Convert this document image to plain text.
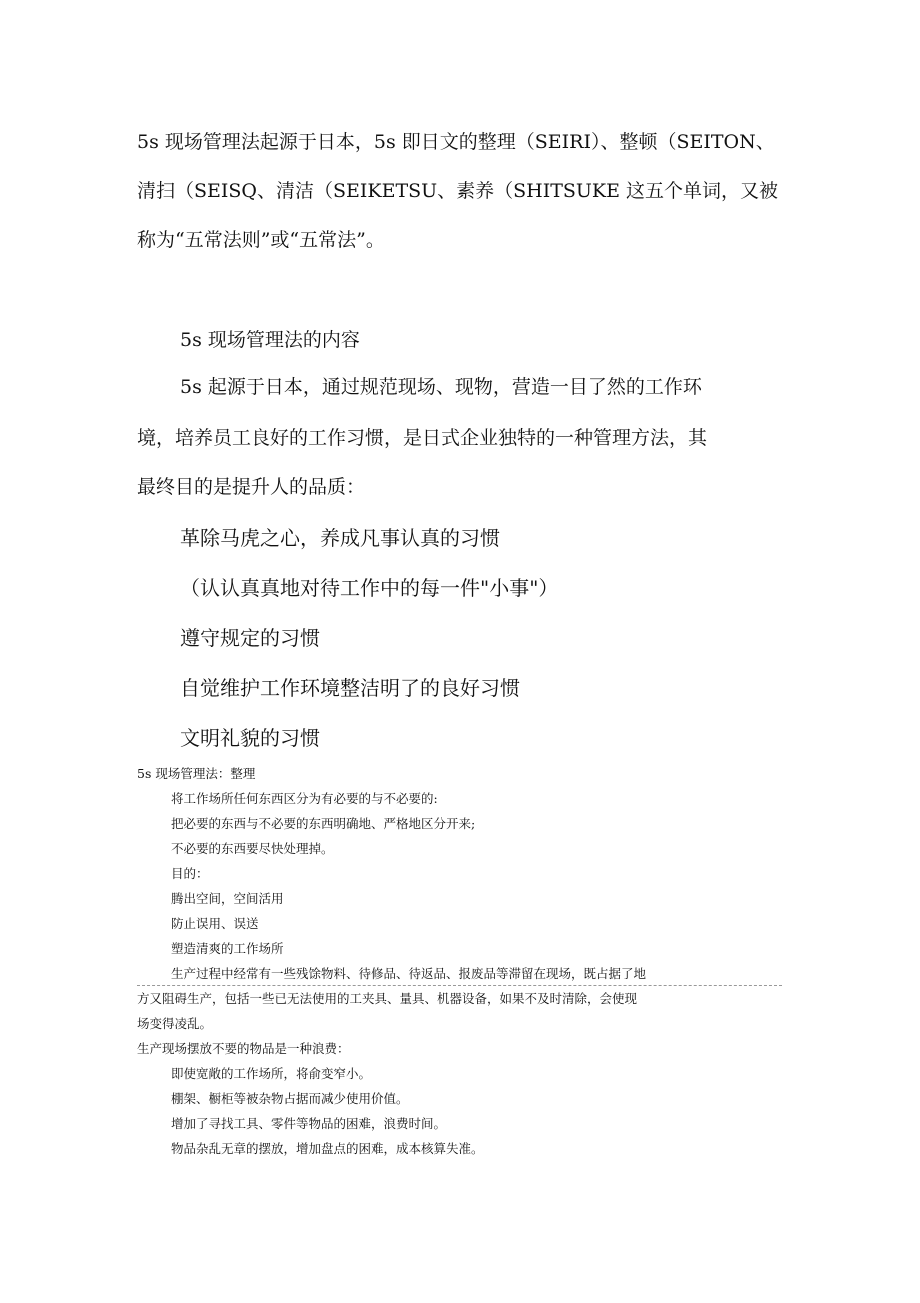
5s 现场管理法起源于日本，5s 即日文的整理（SEIRI）、整顿（SEITON、

清扫（SEISQ、清洁（SEIKETSU、素养（SHITSUKE 这五个单词，又被

称为“五常法则”或“五常法”。

5s 现场管理法的内容

5s 起源于日本，通过规范现场、现物，营造一目了然的工作环

境，培养员工良好的工作习惯，是日式企业独特的一种管理方法，其

最终目的是提升人的品质：

革除马虎之心，养成凡事认真的习惯

（认认真真地对待工作中的每一件"小事"）

遵守规定的习惯

自觉维护工作环境整洁明了的良好习惯

文明礼貌的习惯

5s 现场管理法：整理

将工作场所任何东西区分为有必要的与不必要的:

把必要的东西与不必要的东西明确地、严格地区分开来;

不必要的东西要尽快处理掉。

目的：

腾出空间，空间活用

防止误用、误送

塑造清爽的工作场所

生产过程中经常有一些残馀物料、待修品、待返品、报废品等滞留在现场，既占据了地

方又阻碍生产，包括一些已无法使用的工夹具、量具、机器设备，如果不及时清除，会使现

场变得凌乱。

生产现场摆放不要的物品是一种浪费：

即使宽敞的工作场所，将俞变窄小。

棚架、橱柜等被杂物占据而减少使用价值。

增加了寻找工具、零件等物品的困难，浪费时间。

物品杂乱无章的摆放，增加盘点的困难，成本核算失准。
